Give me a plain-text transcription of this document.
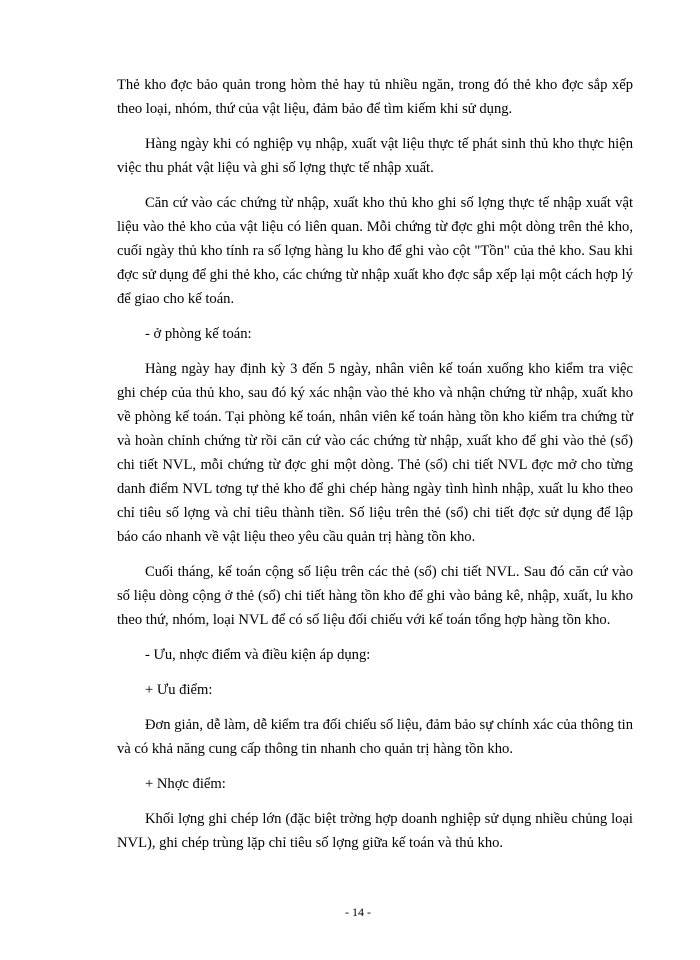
Thẻ kho đợc bảo quản trong hòm thẻ hay tủ nhiều ngăn, trong đó thẻ kho đợc sắp xếp theo loại, nhóm, thứ của vật liệu, đảm bảo để tìm kiếm khi sử dụng.

Hàng ngày khi có nghiệp vụ nhập, xuất vật liệu thực tế phát sinh thủ kho thực hiện việc thu phát vật liệu và ghi số lợng thực tế nhập xuất.

Căn cứ vào các chứng từ nhập, xuất kho thủ kho ghi số lợng thực tế nhập xuất vật liệu vào thẻ kho của vật liệu có liên quan. Mỗi chứng từ đợc ghi một dòng trên thẻ kho, cuối ngày thủ kho tính ra số lợng hàng lu kho để ghi vào cột "Tồn" của thẻ kho. Sau khi đợc sử dụng để ghi thẻ kho, các chứng từ nhập xuất kho đợc sắp xếp lại một cách hợp lý để giao cho kế toán.

- ở phòng kế toán:

Hàng ngày hay định kỳ 3 đến 5 ngày, nhân viên kế toán xuống kho kiểm tra việc ghi chép của thủ kho, sau đó ký xác nhận vào thẻ kho và nhận chứng từ nhập, xuất kho về phòng kế toán. Tại phòng kế toán, nhân viên kế toán hàng tồn kho kiểm tra chứng từ và hoàn chỉnh chứng từ rồi căn cứ vào các chứng từ nhập, xuất kho để ghi vào thẻ (sổ) chi tiết NVL, mỗi chứng từ đợc ghi một dòng. Thẻ (sổ) chi tiết NVL đợc mở cho từng danh điểm NVL tơng tự thẻ kho để ghi chép hàng ngày tình hình nhập, xuất lu kho theo chỉ tiêu số lợng và chỉ tiêu thành tiền. Số liệu trên thẻ (sổ) chi tiết đợc sử dụng để lập báo cáo nhanh về vật liệu theo yêu cầu quản trị hàng tồn kho.

Cuối tháng, kế toán cộng số liệu trên các thẻ (sổ) chi tiết NVL. Sau đó căn cứ vào số liệu dòng cộng ở thẻ (sổ) chi tiết hàng tồn kho để ghi vào bảng kê, nhập, xuất, lu kho theo thứ, nhóm, loại NVL để có số liệu đối chiếu với kế toán tổng hợp hàng tồn kho.

- Ưu, nhợc điểm và điều kiện áp dụng:

+ Ưu điểm:

Đơn giản, dễ làm, dễ kiểm tra đối chiếu số liệu, đảm bảo sự chính xác của thông tin và có khả năng cung cấp thông tin nhanh cho quản trị hàng tồn kho.

+ Nhợc điểm:

Khối lợng ghi chép lớn (đặc biệt trờng hợp doanh nghiệp sử dụng nhiều chủng loại NVL), ghi chép trùng lặp chỉ tiêu số lợng giữa kế toán và thủ kho.

- 14 -
